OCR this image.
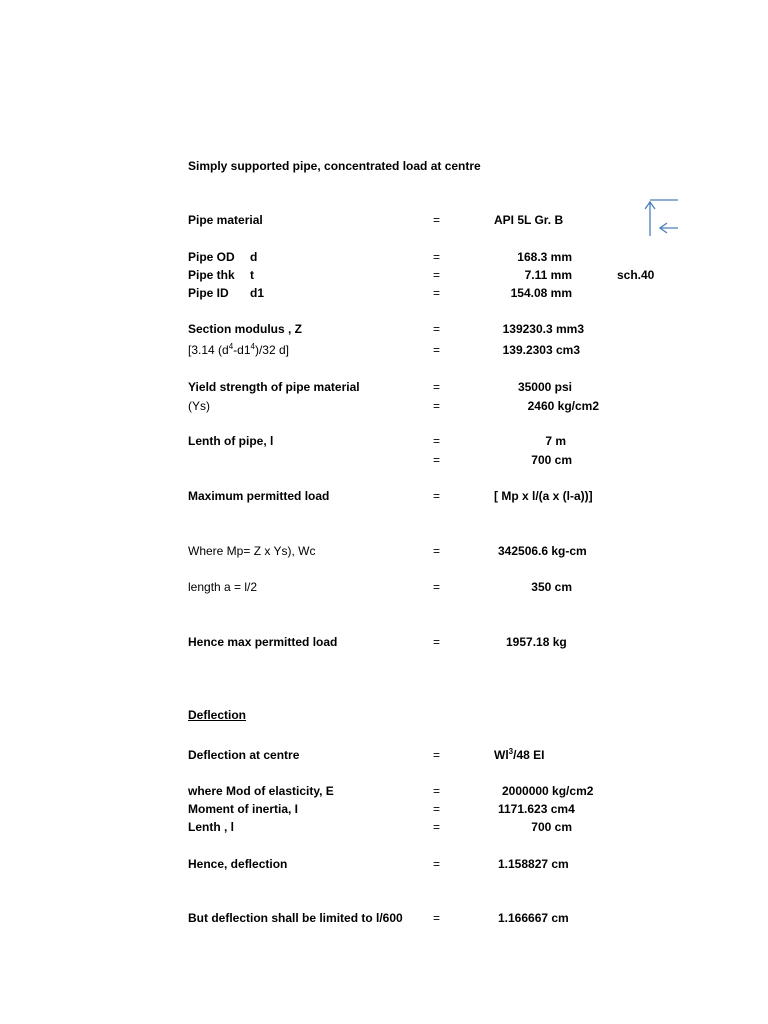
Simply supported pipe, concentrated load at centre
Pipe material	=	API 5L Gr. B
Pipe OD d	=	168.3 mm
Pipe thk t	=	7.11 mm	sch.40
Pipe ID d1	=	154.08 mm
Section modulus , Z	=	139230.3 mm3
[3.14 $(d^4-d1^4)/32$ d]	=	139.2303 cm3
Yield strength of pipe material	=	35000 psi
(Ys)	=	2460 kg/cm2
Lenth of pipe, l	=	7 m
=	700 cm
Maximum permitted load	=	[ Mp x l/(a x (l-a))]
Where Mp= Z x Ys), Wc	=	342506.6 kg-cm
length a = l/2	=	350 cm
Hence max permitted load	=	1957.18 kg
Deflection
Deflection at centre	=	$Wl^3/48$ EI
where Mod of elasticity, E	=	2000000 kg/cm2
Moment of inertia, I	=	1171.623 cm4
Lenth , l	=	700 cm
Hence, deflection	=	1.158827 cm
But deflection shall be limited to l/600	=	1.166667 cm
